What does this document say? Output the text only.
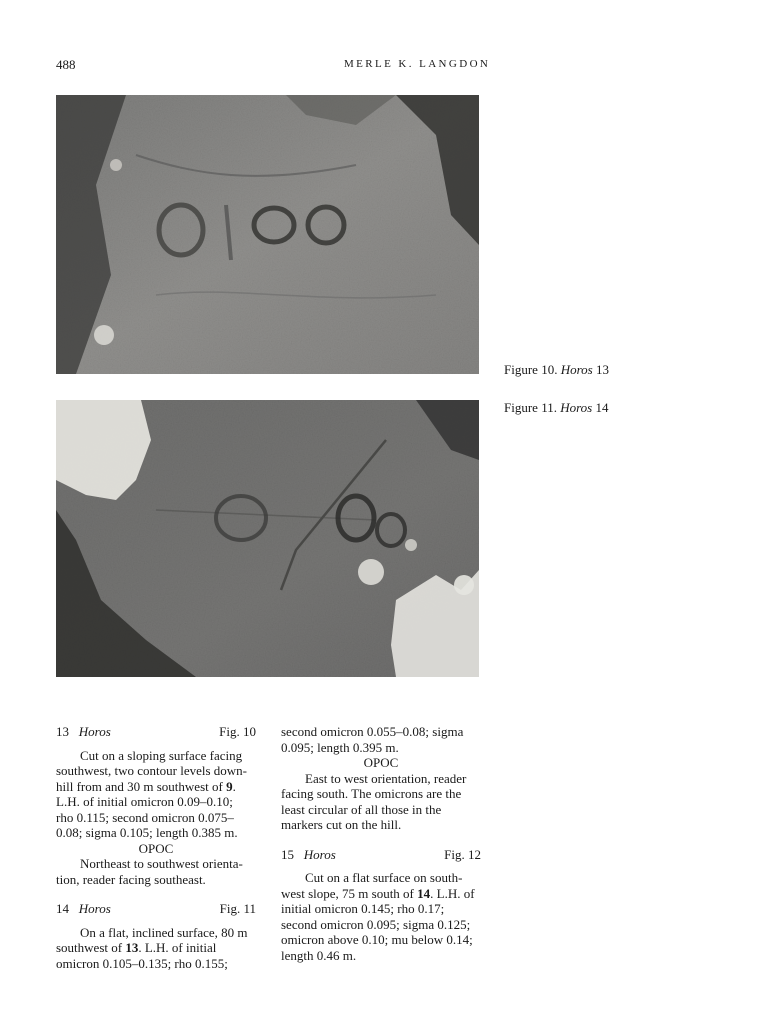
488	MERLE K. LANGDON
Figure 10. Horos 13
Figure 11. Horos 14
13 Horos	Fig. 10

Cut on a sloping surface facing

southwest, two contour levels down-
hill from and 30 m southwest of 9.
L.H. of initial omicron 0.09–0.10;
rho 0.115; second omicron 0.075–
0.08; sigma 0.105; length 0.385 m.

OPOC

Northeast to southwest orienta-

tion, reader facing southeast.
14 Horos	Fig. 11

On a flat, inclined surface, 80 m

southwest of 13. L.H. of initial
omicron 0.105–0.135; rho 0.155;
second omicron 0.055–0.08; sigma
0.095; length 0.395 m.

OPOC

East to west orientation, reader

facing south. The omicrons are the
least circular of all those in the
markers cut on the hill.
15 Horos	Fig. 12

Cut on a flat surface on south-

west slope, 75 m south of 14. L.H. of
initial omicron 0.145; rho 0.17;
second omicron 0.095; sigma 0.125;
omicron above 0.10; mu below 0.14;
length 0.46 m.
